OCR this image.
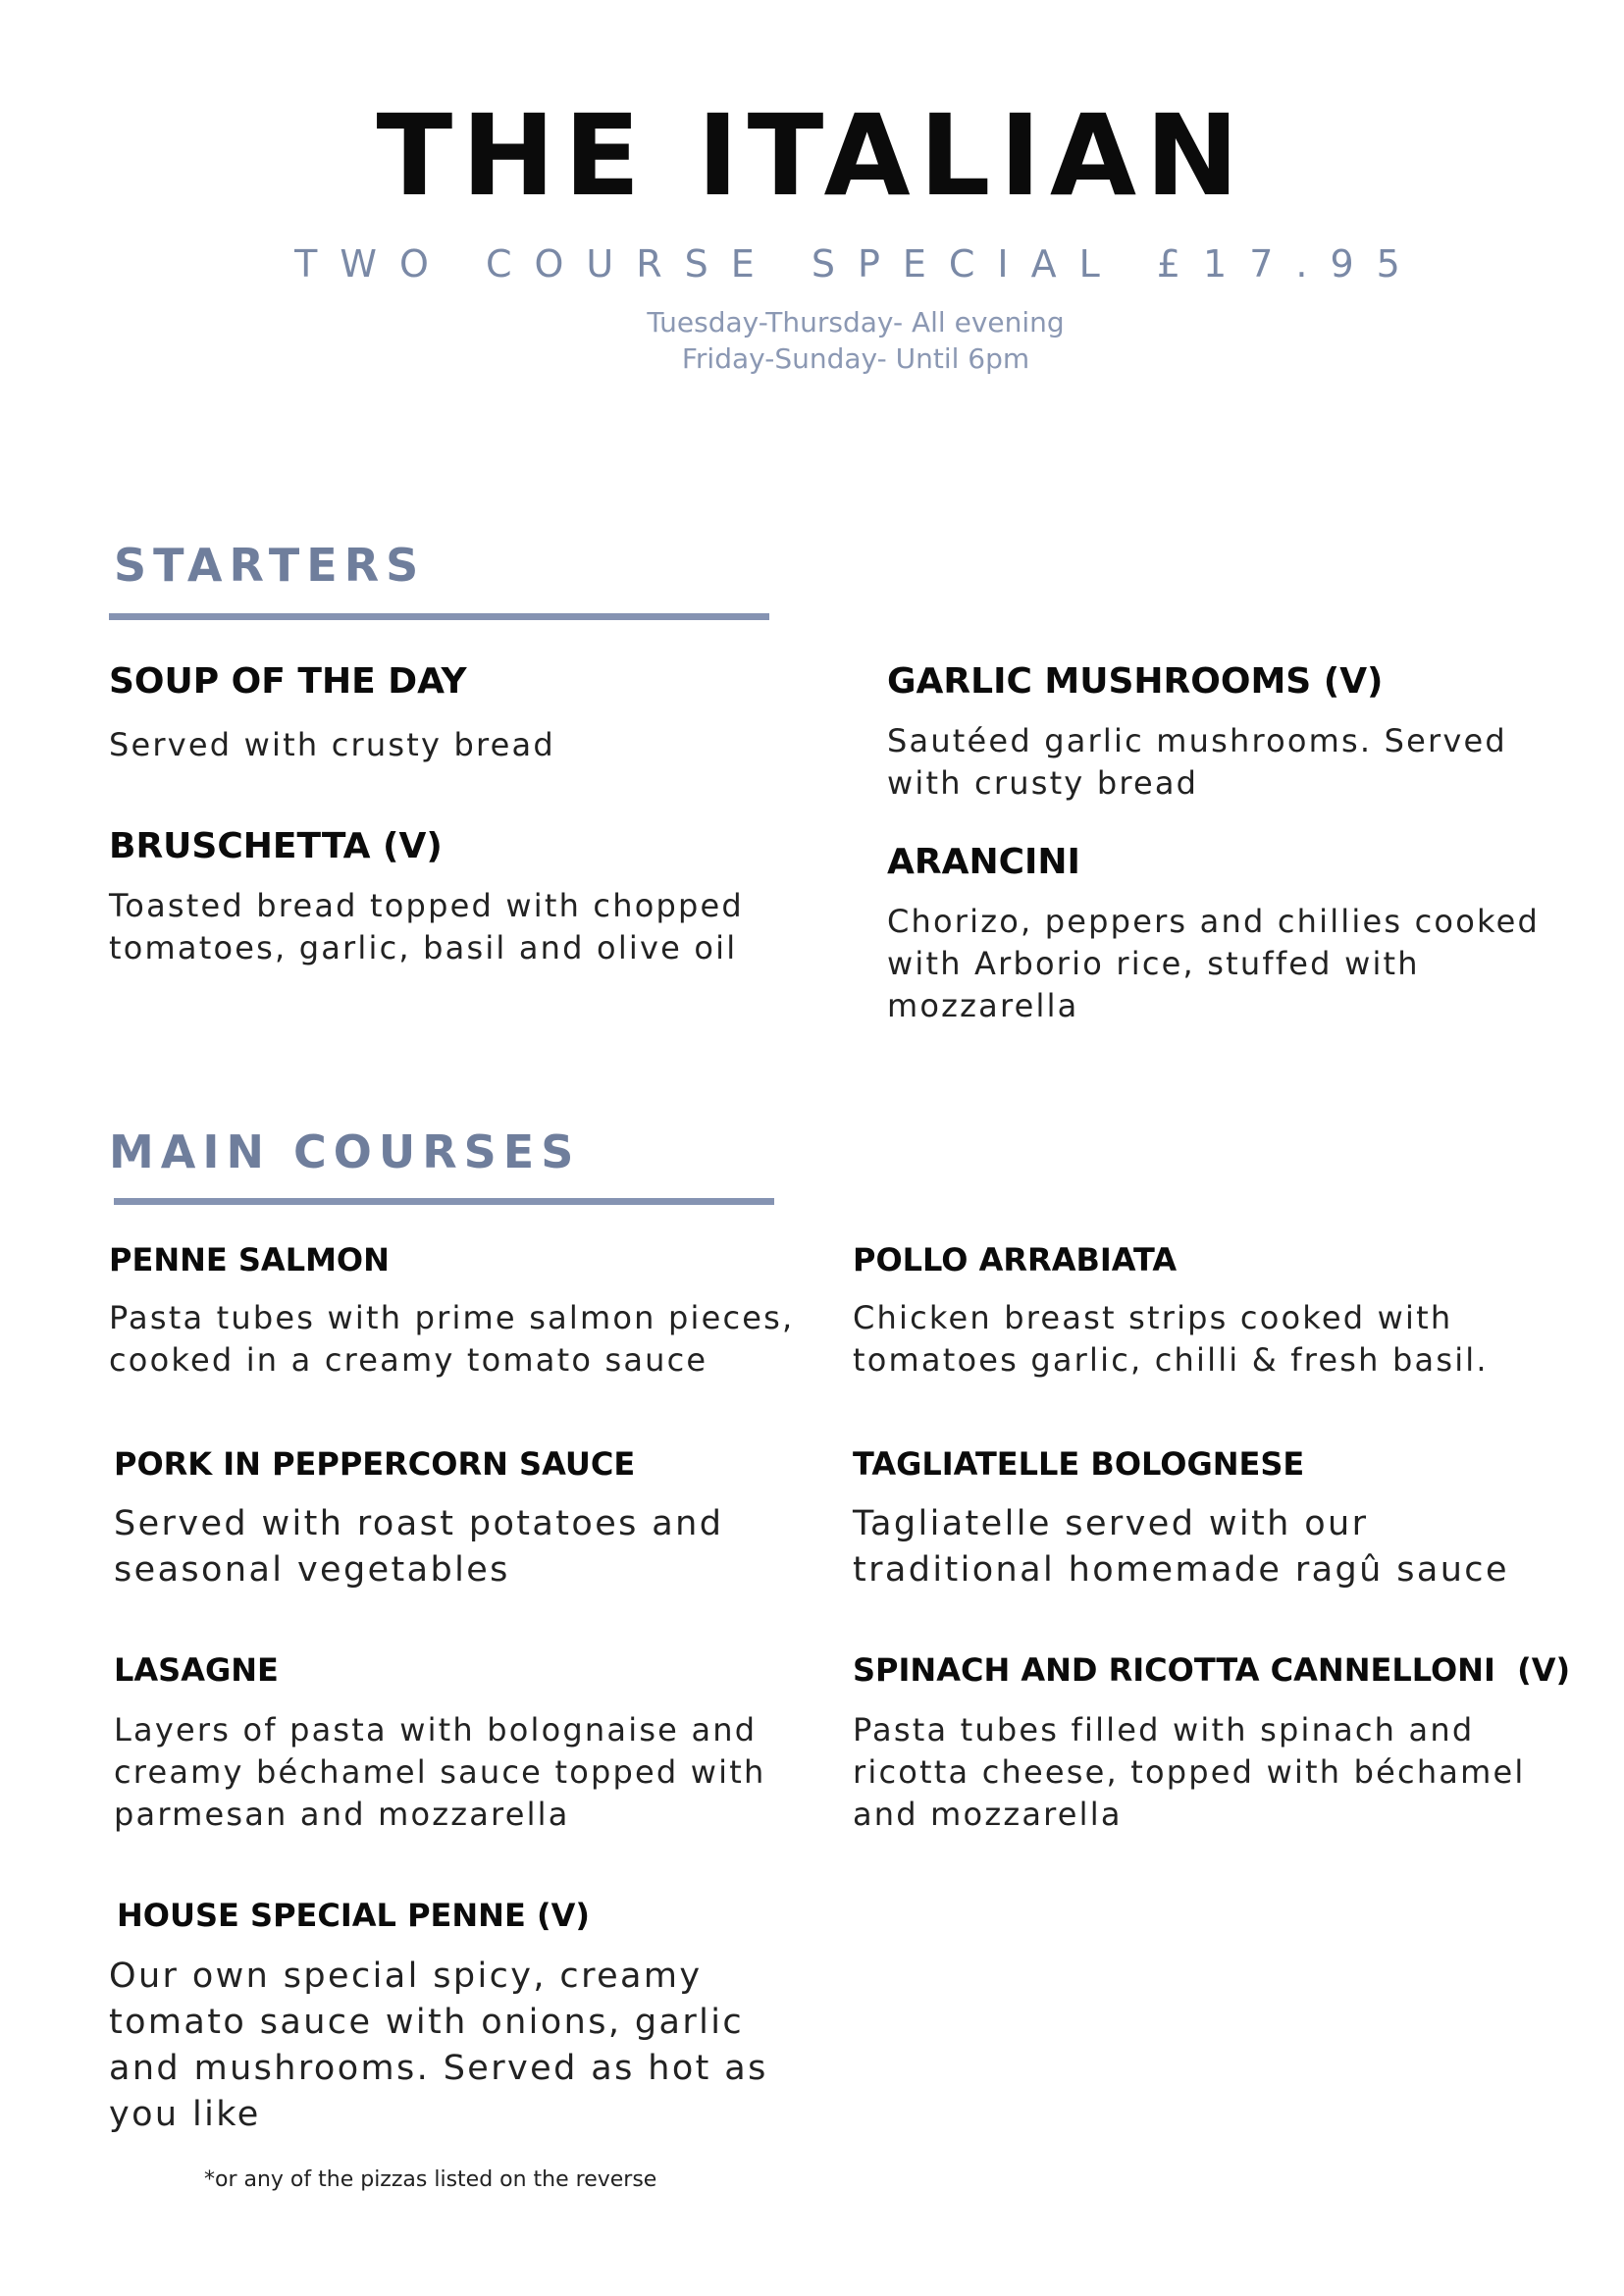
THE ITALIAN
TWO COURSE SPECIAL £17.95
Tuesday-Thursday- All evening
Friday-Sunday- Until 6pm
STARTERS
SOUP OF THE DAY
Served with crusty bread
GARLIC MUSHROOMS (V)
Sautéed garlic mushrooms. Served with crusty bread
BRUSCHETTA (V)
Toasted bread topped with chopped tomatoes, garlic, basil and olive oil
ARANCINI
Chorizo, peppers and chillies cooked with Arborio rice, stuffed with mozzarella
MAIN COURSES
PENNE SALMON
Pasta tubes with prime salmon pieces, cooked in a creamy tomato sauce
POLLO ARRABIATA
Chicken breast strips cooked with tomatoes garlic, chilli & fresh basil.
PORK IN PEPPERCORN SAUCE
Served with roast potatoes and seasonal vegetables
TAGLIATELLE BOLOGNESE
Tagliatelle served with our traditional homemade ragû sauce
LASAGNE
Layers of pasta with bolognaise and creamy béchamel sauce topped with parmesan and mozzarella
SPINACH AND RICOTTA CANNELLONI  (V)
Pasta tubes filled with spinach and ricotta cheese, topped with béchamel and mozzarella
HOUSE SPECIAL PENNE (V)
Our own special spicy, creamy tomato sauce with onions, garlic and mushrooms. Served as hot as you like
*or any of the pizzas listed on the reverse
